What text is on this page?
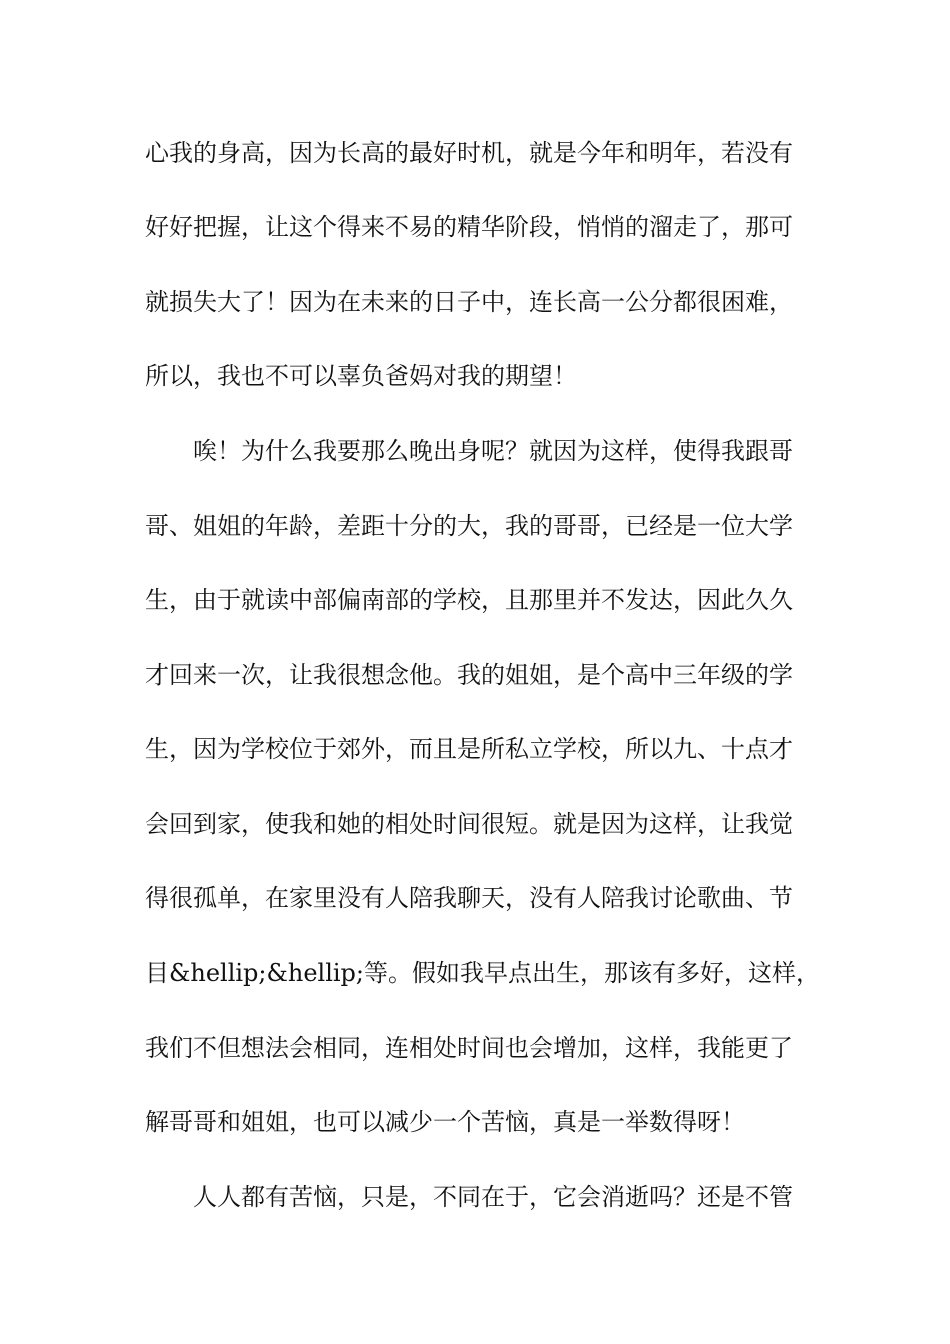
心我的身高，因为长高的最好时机，就是今年和明年，若没有
好好把握，让这个得来不易的精华阶段，悄悄的溜走了，那可
就损失大了！因为在未来的日子中，连长高一公分都很困难，
所以，我也不可以辜负爸妈对我的期望！
唉！为什么我要那么晚出身呢？就因为这样，使得我跟哥
哥、姐姐的年龄，差距十分的大，我的哥哥，已经是一位大学
生，由于就读中部偏南部的学校，且那里并不发达，因此久久
才回来一次，让我很想念他。我的姐姐，是个高中三年级的学
生，因为学校位于郊外，而且是所私立学校，所以九、十点才
会回到家，使我和她的相处时间很短。就是因为这样，让我觉
得很孤单，在家里没有人陪我聊天，没有人陪我讨论歌曲、节
目&hellip;&hellip;等。假如我早点出生，那该有多好，这样，
我们不但想法会相同，连相处时间也会增加，这样，我能更了
解哥哥和姐姐，也可以减少一个苦恼，真是一举数得呀！
人人都有苦恼，只是，不同在于，它会消逝吗？还是不管
